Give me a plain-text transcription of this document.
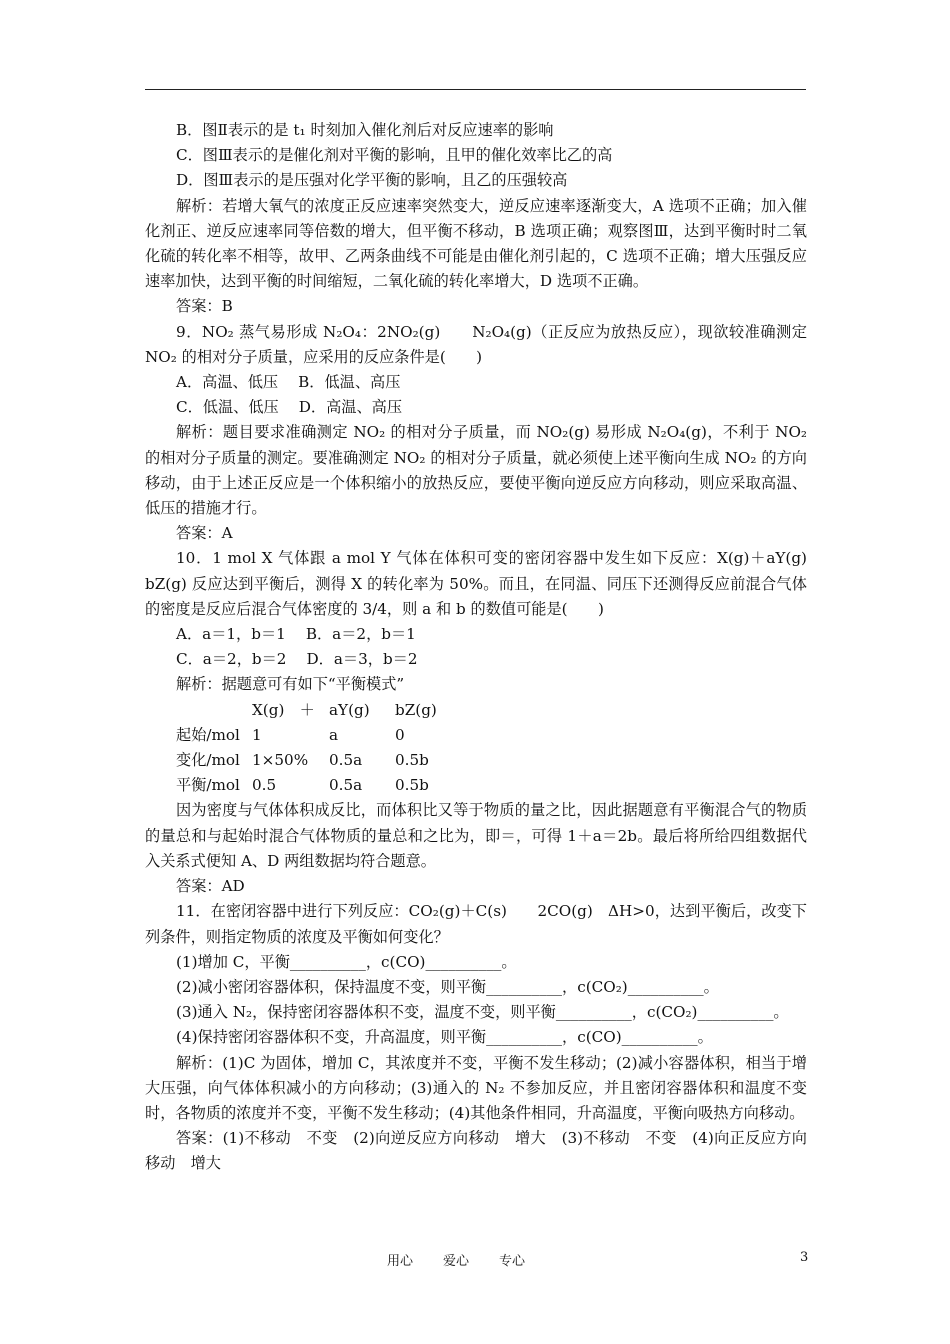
B．图Ⅱ表示的是 t₁ 时刻加入催化剂后对反应速率的影响

C．图Ⅲ表示的是催化剂对平衡的影响，且甲的催化效率比乙的高

D．图Ⅲ表示的是压强对化学平衡的影响，且乙的压强较高

解析：若增大氧气的浓度正反应速率突然变大，逆反应速率逐渐变大，A 选项不正确；加入催化剂正、逆反应速率同等倍数的增大，但平衡不移动，B 选项正确；观察图Ⅲ，达到平衡时时二氧化硫的转化率不相等，故甲、乙两条曲线不可能是由催化剂引起的，C 选项不正确；增大压强反应速率加快，达到平衡的时间缩短，二氧化硫的转化率增大，D 选项不正确。

答案：B

9．NO₂ 蒸气易形成 N₂O₄：2NO₂(g)　　N₂O₄(g)（正反应为放热反应），现欲较准确测定 NO₂ 的相对分子质量，应采用的反应条件是(　　)

A．高温、低压　 B．低温、高压

C．低温、低压　 D．高温、高压

解析：题目要求准确测定 NO₂ 的相对分子质量，而 NO₂(g) 易形成 N₂O₄(g)，不利于 NO₂ 的相对分子质量的测定。要准确测定 NO₂ 的相对分子质量，就必须使上述平衡向生成 NO₂ 的方向移动，由于上述正反应是一个体积缩小的放热反应，要使平衡向逆反应方向移动，则应采取高温、低压的措施才行。

答案：A

10．1 mol X 气体跟 a mol Y 气体在体积可变的密闭容器中发生如下反应：X(g)＋aY(g)　　bZ(g) 反应达到平衡后，测得 X 的转化率为 50%。而且，在同温、同压下还测得反应前混合气体的密度是反应后混合气体密度的 3/4，则 a 和 b 的数值可能是(　　)

A．a＝1，b＝1　 B．a＝2，b＝1

C．a＝2，b＝2　 D．a＝3，b＝2

解析：据题意可有如下“平衡模式”

X(g)　＋ aY(g)	bZ(g)
起始/mol 1	a	0
变化/mol 1×50%	0.5a	0.5b
平衡/mol 0.5	0.5a	0.5b

因为密度与气体体积成反比，而体积比又等于物质的量之比，因此据题意有平衡混合气的物质的量总和与起始时混合气体物质的量总和之比为，即＝，可得 1＋a＝2b。最后将所给四组数据代入关系式便知 A、D 两组数据均符合题意。

答案：AD

11．在密闭容器中进行下列反应：CO₂(g)＋C(s)　　2CO(g)　ΔH>0，达到平衡后，改变下列条件，则指定物质的浓度及平衡如何变化？

(1)增加 C，平衡__________，c(CO)__________。

(2)减小密闭容器体积，保持温度不变，则平衡__________，c(CO₂)__________。

(3)通入 N₂，保持密闭容器体积不变，温度不变，则平衡__________，c(CO₂)__________。

(4)保持密闭容器体积不变，升高温度，则平衡__________，c(CO)__________。

解析：(1)C 为固体，增加 C，其浓度并不变，平衡不发生移动；(2)减小容器体积，相当于增大压强，向气体体积减小的方向移动；(3)通入的 N₂ 不参加反应，并且密闭容器体积和温度不变时，各物质的浓度并不变，平衡不发生移动；(4)其他条件相同，升高温度，平衡向吸热方向移动。

答案：(1)不移动　不变　(2)向逆反应方向移动　增大　(3)不移动　不变　(4)向正反应方向移动　增大

用心 爱心 专心	3
